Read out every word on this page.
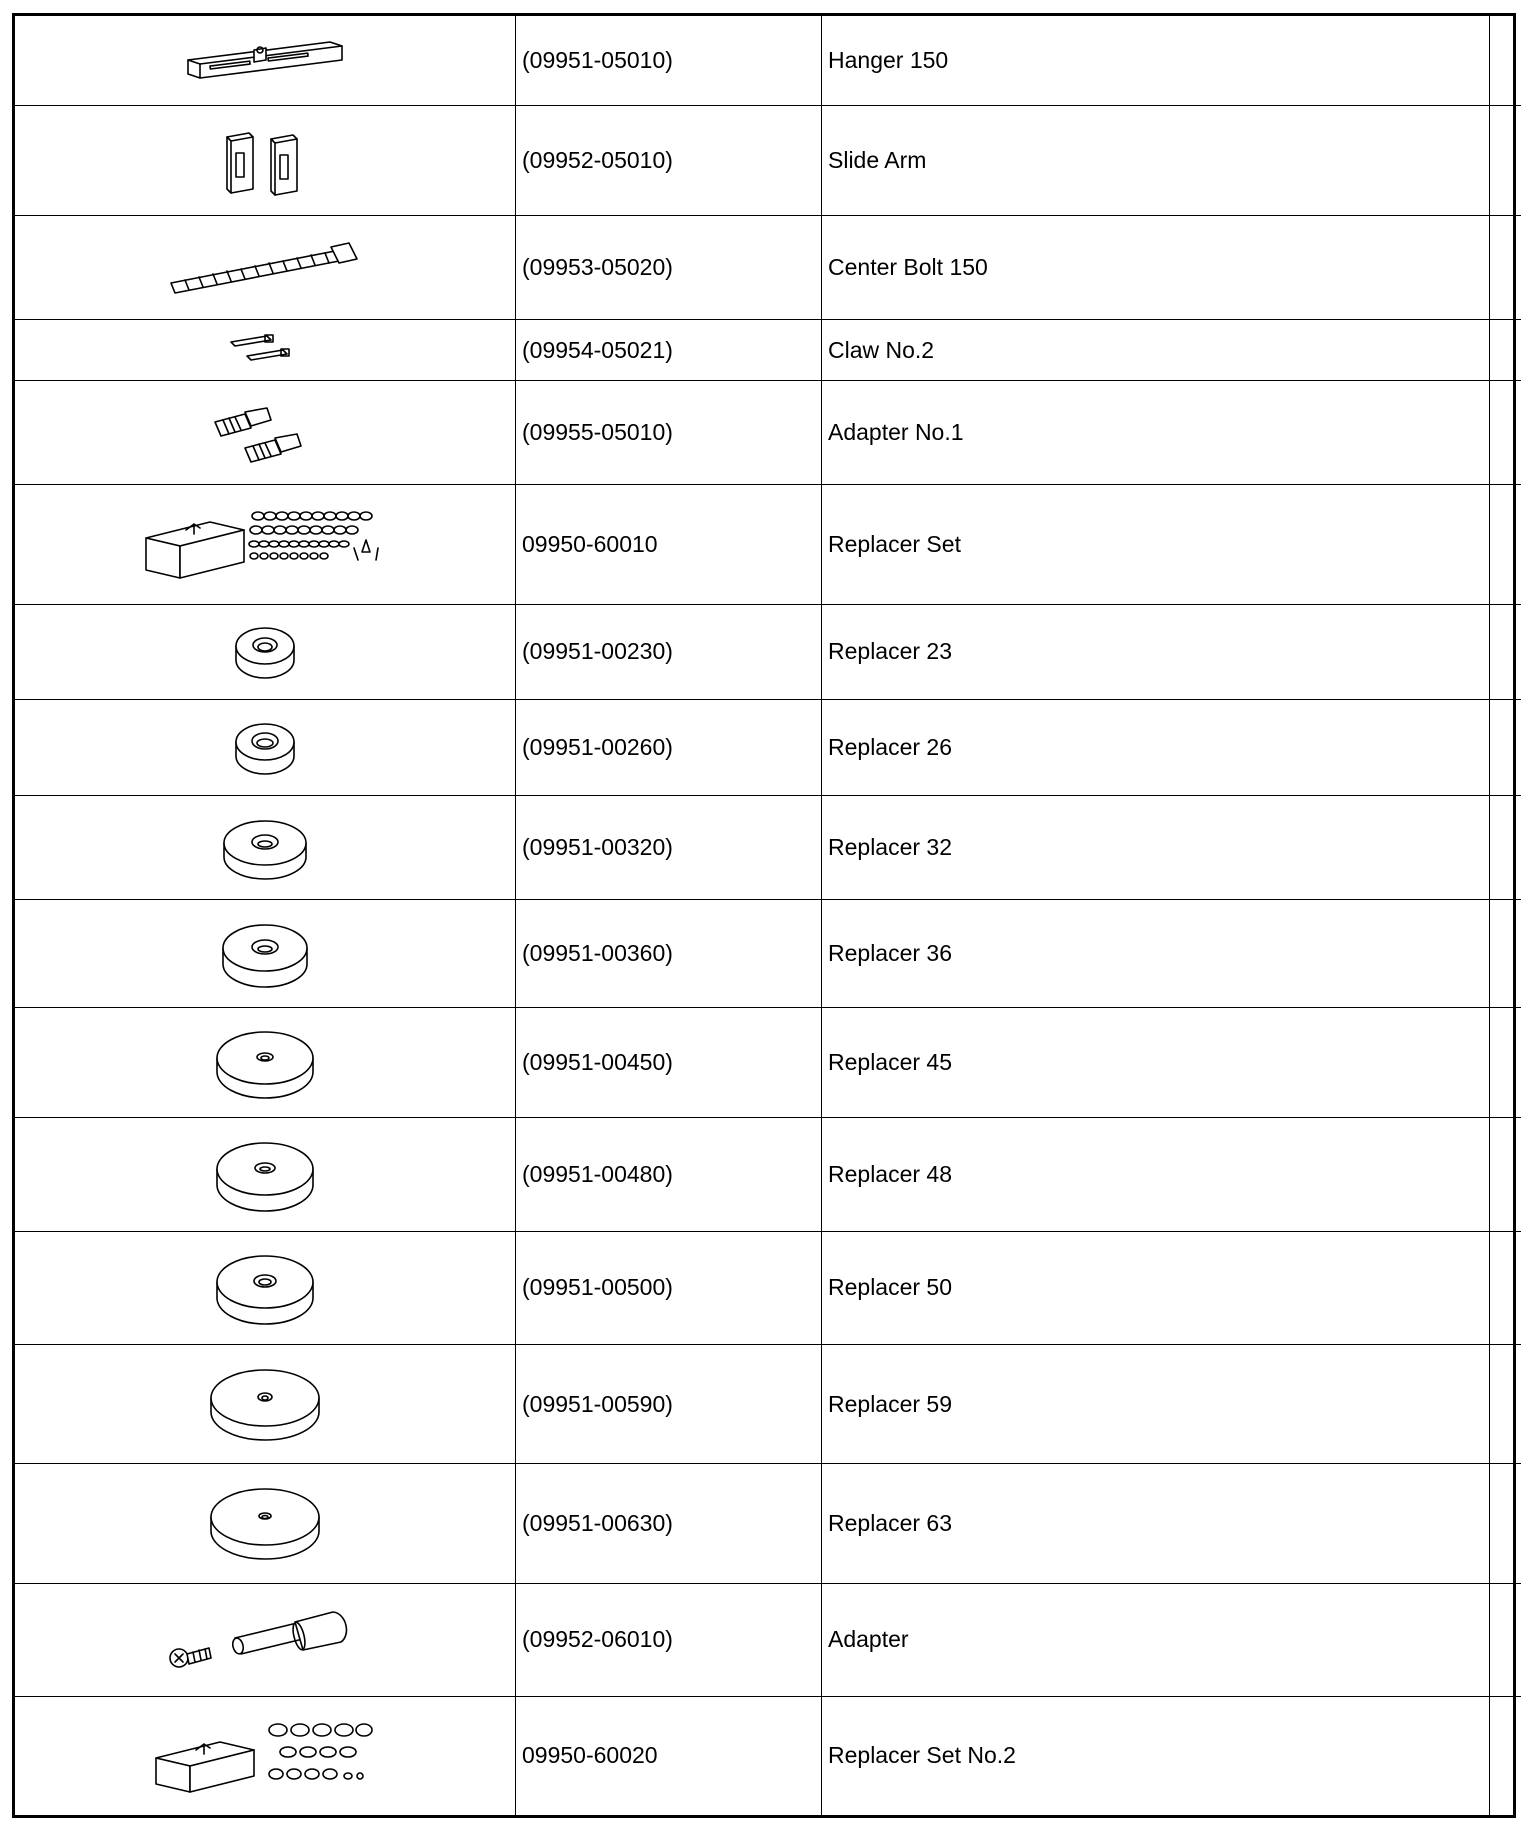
	(09951-05010)	Hanger 150	

	(09952-05010)	Slide Arm	

	(09953-05020)	Center Bolt 150	

	(09954-05021)	Claw No.2	

	(09955-05010)	Adapter No.1	

	09950-60010	Replacer Set	

	(09951-00230)	Replacer 23	

	(09951-00260)	Replacer 26	

	(09951-00320)	Replacer 32	

	(09951-00360)	Replacer 36	

	(09951-00450)	Replacer 45	

	(09951-00480)	Replacer 48	

	(09951-00500)	Replacer 50	

	(09951-00590)	Replacer 59	

	(09951-00630)	Replacer 63	

	(09952-06010)	Adapter	

	09950-60020	Replacer Set No.2	
